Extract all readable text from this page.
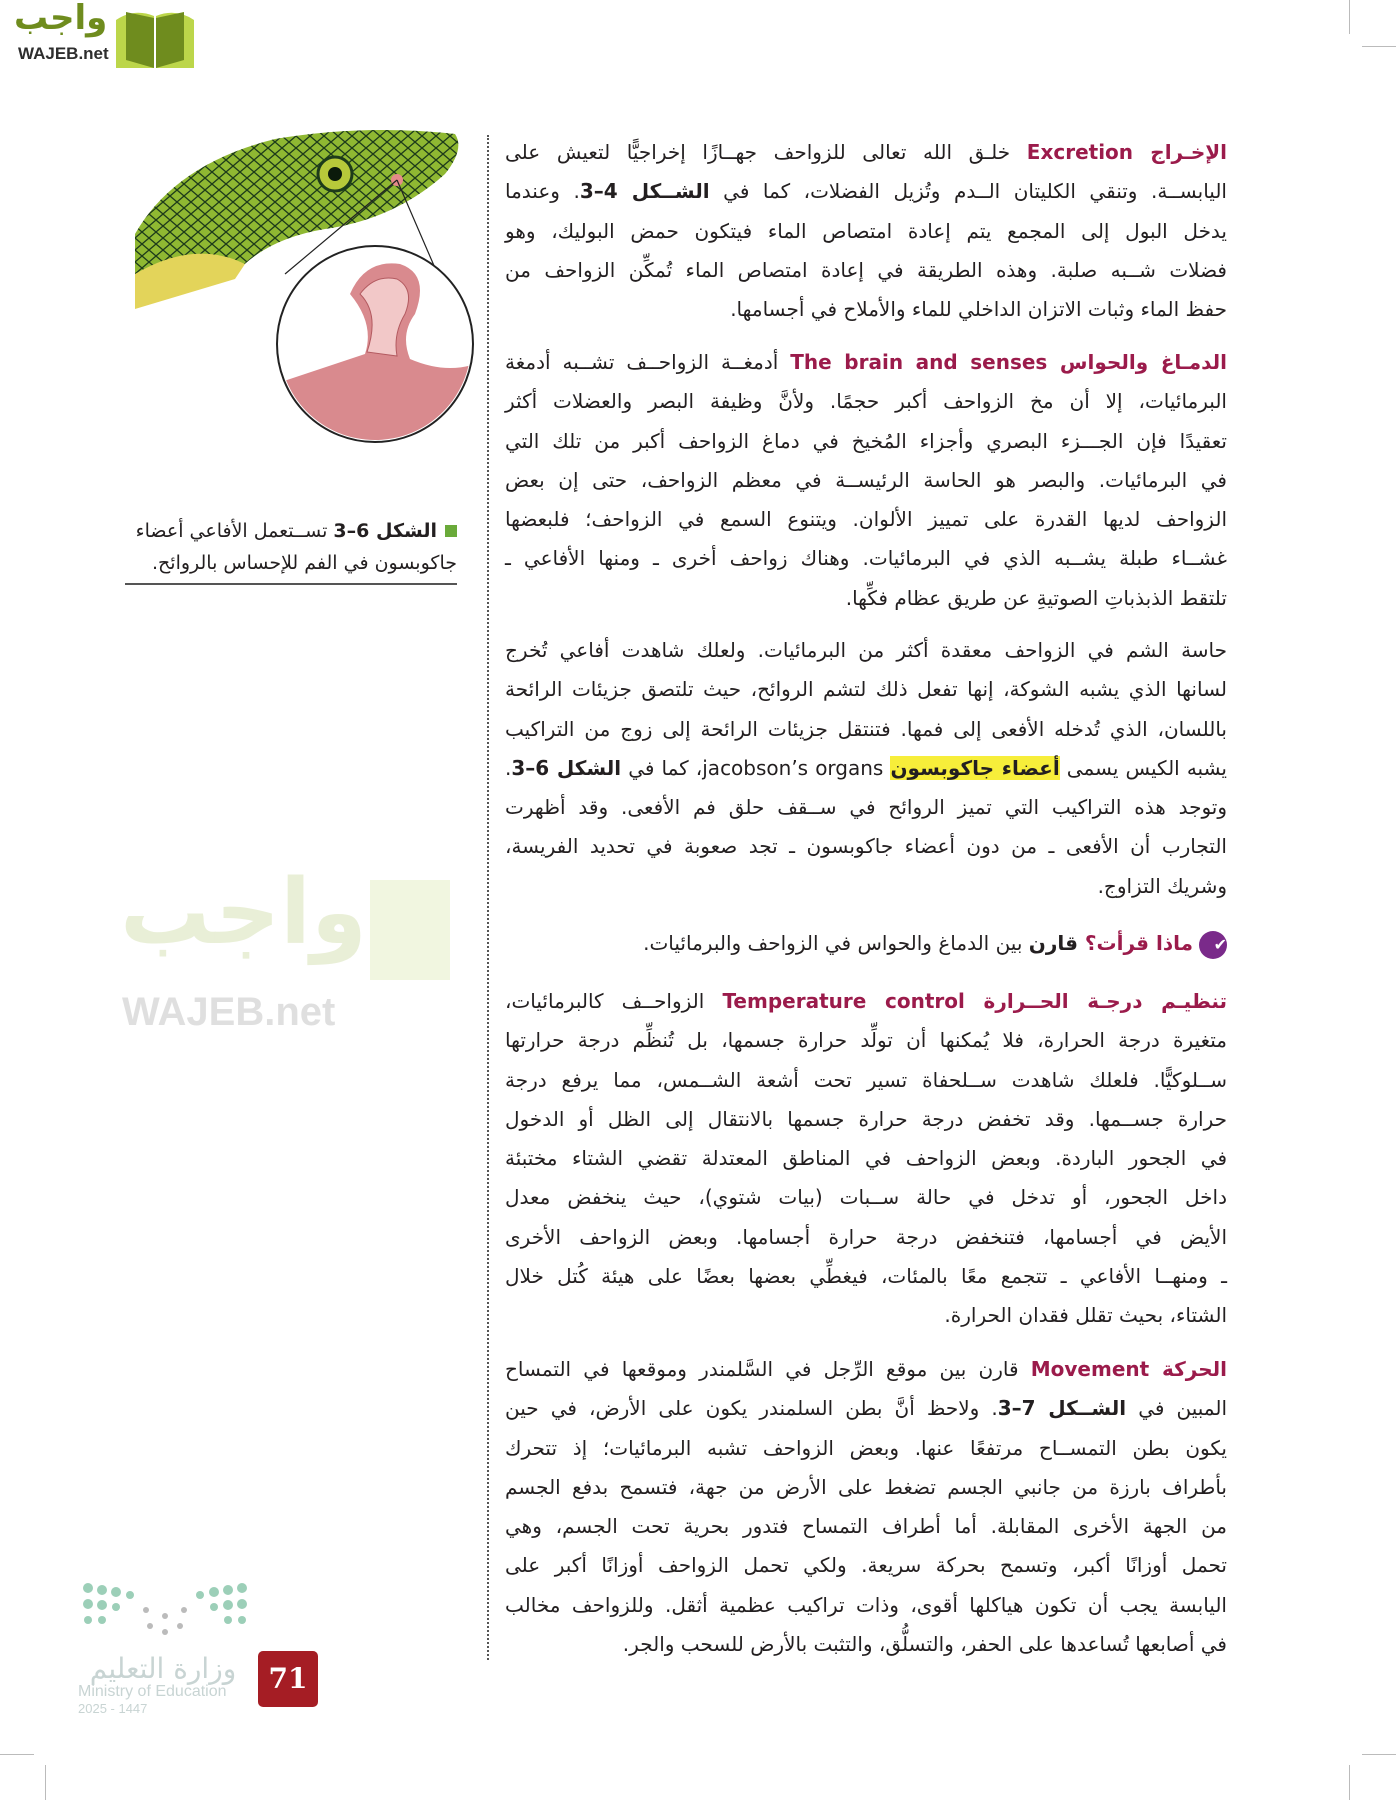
واجب
WAJEB.net
الشكل 6–3 تســتعمل الأفاعي أعضاء جاكوبسون في الفم للإحساس بالروائح.
واجب
WAJEB.net
الإخـراج Excretion خلـق الله تعالى للزواحف جهــازًا إخراجيًّا لتعيش على
اليابســة. وتنقي الكليتان الــدم وتُزيل الفضلات، كما في الشــكل 4–3. وعندما
يدخل البول إلى المجمع يتم إعادة امتصاص الماء فيتكون حمض البوليك، وهو
فضلات شــبه صلبة. وهذه الطريقة في إعادة امتصاص الماء تُمكِّن الزواحف من
حفظ الماء وثبات الاتزان الداخلي للماء والأملاح في أجسامها.
الدمـاغ والحواس The brain and senses أدمغــة الزواحــف تشــبه أدمغة
البرمائيات، إلا أن مخ الزواحف أكبر حجمًا. ولأنَّ وظيفة البصر والعضلات أكثر
تعقيدًا فإن الجـــزء البصري وأجزاء المُخيخ في دماغ الزواحف أكبر من تلك التي
في البرمائيات. والبصر هو الحاسة الرئيســة في معظم الزواحف، حتى إن بعض
الزواحف لديها القدرة على تمييز الألوان. ويتنوع السمع في الزواحف؛ فلبعضها
غشــاء طبلة يشــبه الذي في البرمائيات. وهناك زواحف أخرى ـ ومنها الأفاعي ـ
تلتقط الذبذباتِ الصوتيةِ عن طريق عظام فكِّها.
حاسة الشم في الزواحف معقدة أكثر من البرمائيات. ولعلك شاهدت أفاعي تُخرج
لسانها الذي يشبه الشوكة، إنها تفعل ذلك لتشم الروائح، حيث تلتصق جزيئات الرائحة
باللسان، الذي تُدخله الأفعى إلى فمها. فتنتقل جزيئات الرائحة إلى زوج من التراكيب
يشبه الكيس يسمى أعضاء جاكوبسون jacobson’s organs، كما في الشكل 6–3.
وتوجد هذه التراكيب التي تميز الروائح في ســقف حلق فم الأفعى. وقد أظهرت
التجارب أن الأفعى ـ من دون أعضاء جاكوبسون ـ تجد صعوبة في تحديد الفريسة،
وشريك التزاوج.
✔ماذا قرأت؟ قارن بين الدماغ والحواس في الزواحف والبرمائيات.
تنظيـم درجـة الحــرارة Temperature control الزواحــف كالبرمائيات،
متغيرة درجة الحرارة، فلا يُمكنها أن تولِّد حرارة جسمها، بل تُنظِّم درجة حرارتها
ســلوكيًّا. فلعلك شاهدت ســلحفاة تسير تحت أشعة الشــمس، مما يرفع درجة
حرارة جســمها. وقد تخفض درجة حرارة جسمها بالانتقال إلى الظل أو الدخول
في الجحور الباردة. وبعض الزواحف في المناطق المعتدلة تقضي الشتاء مختبئة
داخل الجحور، أو تدخل في حالة ســبات (بيات شتوي)، حيث ينخفض معدل
الأيض في أجسامها، فتنخفض درجة حرارة أجسامها. وبعض الزواحف الأخرى
ـ ومنهــا الأفاعي ـ تتجمع معًا بالمئات، فيغطِّي بعضها بعضًا على هيئة كُتل خلال
الشتاء، بحيث تقلل فقدان الحرارة.
الحركة Movement قارن بين موقع الرِّجل في السَّلمندر وموقعها في التمساح
المبين في الشــكل 7–3. ولاحظ أنَّ بطن السلمندر يكون على الأرض، في حين
يكون بطن التمســاح مرتفعًا عنها. وبعض الزواحف تشبه البرمائيات؛ إذ تتحرك
بأطراف بارزة من جانبي الجسم تضغط على الأرض من جهة، فتسمح بدفع الجسم
من الجهة الأخرى المقابلة. أما أطراف التمساح فتدور بحرية تحت الجسم، وهي
تحمل أوزانًا أكبر، وتسمح بحركة سريعة. ولكي تحمل الزواحف أوزانًا أكبر على
اليابسة يجب أن تكون هياكلها أقوى، وذات تراكيب عظمية أثقل. وللزواحف مخالب
في أصابعها تُساعدها على الحفر، والتسلُّق، والتثبت بالأرض للسحب والجر.
وزارة التعليم
Ministry of Education
2025 - 1447
71
